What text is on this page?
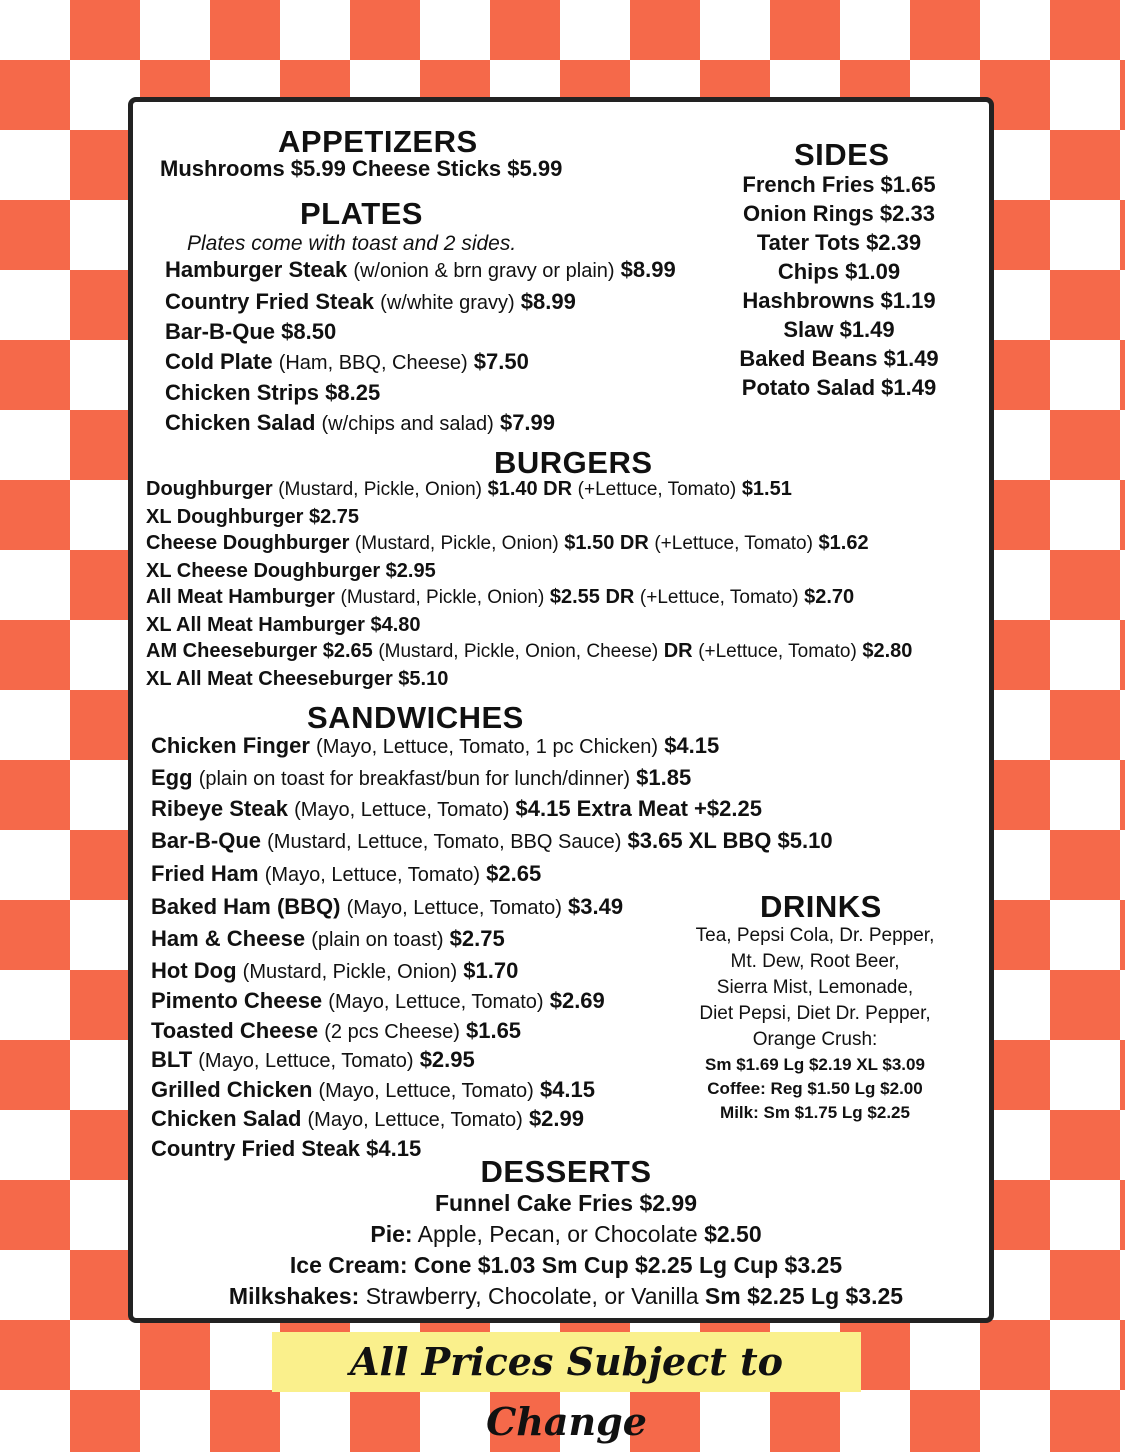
APPETIZERS
Mushrooms $5.99 Cheese Sticks $5.99
PLATES
Plates come with toast and 2 sides.
Hamburger Steak (w/onion & brn gravy or plain) $8.99
Country Fried Steak (w/white gravy) $8.99
Bar-B-Que $8.50
Cold Plate (Ham, BBQ, Cheese) $7.50
Chicken Strips $8.25
Chicken Salad (w/chips and salad) $7.99
SIDES
French Fries $1.65
Onion Rings $2.33
Tater Tots $2.39
Chips $1.09
Hashbrowns $1.19
Slaw $1.49
Baked Beans $1.49
Potato Salad $1.49
BURGERS
Doughburger (Mustard, Pickle, Onion) $1.40 DR (+Lettuce, Tomato) $1.51
XL Doughburger $2.75
Cheese Doughburger (Mustard, Pickle, Onion) $1.50 DR (+Lettuce, Tomato) $1.62
XL Cheese Doughburger $2.95
All Meat Hamburger (Mustard, Pickle, Onion) $2.55 DR (+Lettuce, Tomato) $2.70
XL All Meat Hamburger $4.80
AM Cheeseburger $2.65 (Mustard, Pickle, Onion, Cheese) DR (+Lettuce, Tomato) $2.80
XL All Meat Cheeseburger $5.10
SANDWICHES
Chicken Finger (Mayo, Lettuce, Tomato, 1 pc Chicken) $4.15
Egg (plain on toast for breakfast/bun for lunch/dinner) $1.85
Ribeye Steak (Mayo, Lettuce, Tomato) $4.15 Extra Meat +$2.25
Bar-B-Que (Mustard, Lettuce, Tomato, BBQ Sauce) $3.65 XL BBQ $5.10
Fried Ham (Mayo, Lettuce, Tomato) $2.65
Baked Ham (BBQ) (Mayo, Lettuce, Tomato) $3.49
Ham & Cheese (plain on toast) $2.75
Hot Dog (Mustard, Pickle, Onion) $1.70
Pimento Cheese (Mayo, Lettuce, Tomato) $2.69
Toasted Cheese (2 pcs Cheese) $1.65
BLT (Mayo, Lettuce, Tomato) $2.95
Grilled Chicken (Mayo, Lettuce, Tomato) $4.15
Chicken Salad (Mayo, Lettuce, Tomato) $2.99
Country Fried Steak $4.15
DRINKS
Tea, Pepsi Cola, Dr. Pepper,
Mt. Dew, Root Beer,
Sierra Mist, Lemonade,
Diet Pepsi, Diet Dr. Pepper,
Orange Crush:
Sm $1.69 Lg $2.19 XL $3.09
Coffee: Reg $1.50 Lg $2.00
Milk: Sm $1.75 Lg $2.25
DESSERTS
Funnel Cake Fries $2.99
Pie: Apple, Pecan, or Chocolate $2.50
Ice Cream: Cone $1.03 Sm Cup $2.25 Lg Cup $3.25
Milkshakes: Strawberry, Chocolate, or Vanilla Sm $2.25 Lg $3.25
All Prices Subject to Change
